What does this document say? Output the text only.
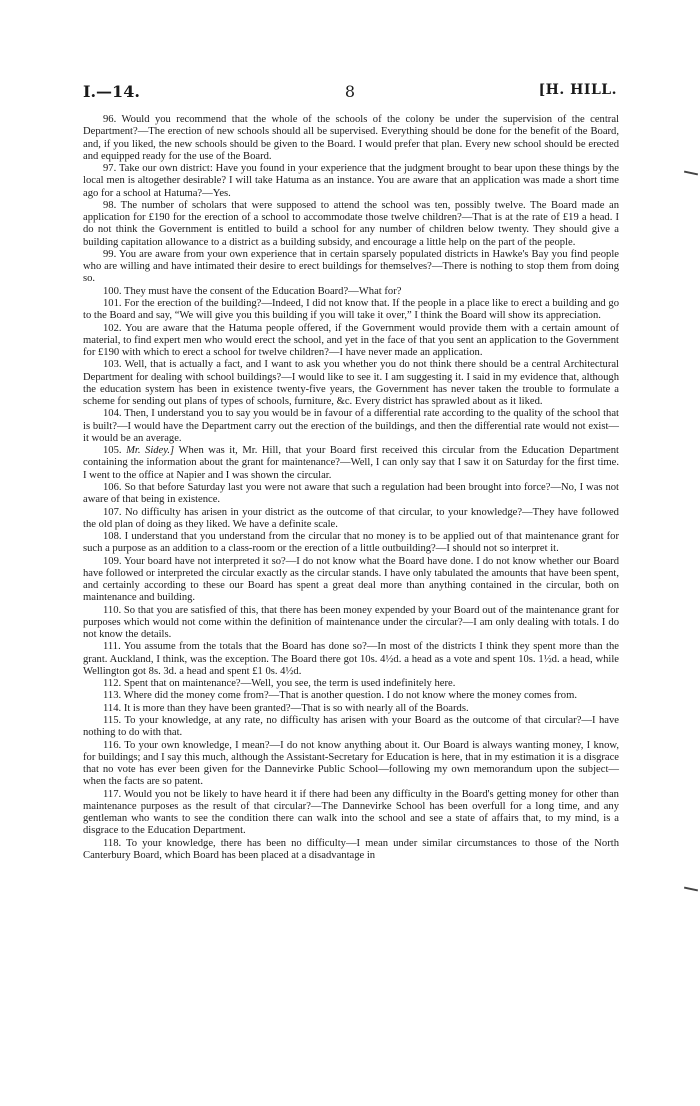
I.—14.	8	[H. HILL.

96. Would you recommend that the whole of the schools of the colony be under the supervision of the central Department?—The erection of new schools should all be supervised. Everything should be done for the benefit of the Board, and, if you liked, the new schools should be given to the Board. I would prefer that plan. Every new school should be erected and equipped ready for the use of the Board.

97. Take our own district: Have you found in your experience that the judgment brought to bear upon these things by the local men is altogether desirable? I will take Hatuma as an instance. You are aware that an application was made a short time ago for a school at Hatuma?—Yes.

98. The number of scholars that were supposed to attend the school was ten, possibly twelve. The Board made an application for £190 for the erection of a school to accommodate those twelve children?—That is at the rate of £19 a head. I do not think the Government is entitled to build a school for any number of children below twenty. They should give a building capitation allowance to a district as a building subsidy, and encourage a little help on the part of the people.

99. You are aware from your own experience that in certain sparsely populated districts in Hawke's Bay you find people who are willing and have intimated their desire to erect buildings for themselves?—There is nothing to stop them from doing so.

100. They must have the consent of the Education Board?—What for?

101. For the erection of the building?—Indeed, I did not know that. If the people in a place like to erect a building and go to the Board and say, “We will give you this building if you will take it over,” I think the Board will show its appreciation.

102. You are aware that the Hatuma people offered, if the Government would provide them with a certain amount of material, to find expert men who would erect the school, and yet in the face of that you sent an application to the Government for £190 with which to erect a school for twelve children?—I have never made an application.

103. Well, that is actually a fact, and I want to ask you whether you do not think there should be a central Architectural Department for dealing with school buildings?—I would like to see it. I am suggesting it. I said in my evidence that, although the education system has been in existence twenty-five years, the Government has never taken the trouble to formulate a scheme for sending out plans of types of schools, furniture, &c. Every district has sprawled about as it liked.

104. Then, I understand you to say you would be in favour of a differential rate according to the quality of the school that is built?—I would have the Department carry out the erection of the buildings, and then the differential rate would not exist—it would be an average.

105. Mr. Sidey.] When was it, Mr. Hill, that your Board first received this circular from the Education Department containing the information about the grant for maintenance?—Well, I can only say that I saw it on Saturday for the first time. I went to the office at Napier and I was shown the circular.

106. So that before Saturday last you were not aware that such a regulation had been brought into force?—No, I was not aware of that being in existence.

107. No difficulty has arisen in your district as the outcome of that circular, to your knowledge?—They have followed the old plan of doing as they liked. We have a definite scale.

108. I understand that you understand from the circular that no money is to be applied out of that maintenance grant for such a purpose as an addition to a class-room or the erection of a little outbuilding?—I should not so interpret it.

109. Your board have not interpreted it so?—I do not know what the Board have done. I do not know whether our Board have followed or interpreted the circular exactly as the circular stands. I have only tabulated the amounts that have been spent, and certainly according to these our Board has spent a great deal more than anything contained in the circular, both on maintenance and building.

110. So that you are satisfied of this, that there has been money expended by your Board out of the maintenance grant for purposes which would not come within the definition of maintenance under the circular?—I am only dealing with totals. I do not know the details.

111. You assume from the totals that the Board has done so?—In most of the districts I think they spent more than the grant. Auckland, I think, was the exception. The Board there got 10s. 4½d. a head as a vote and spent 10s. 1½d. a head, while Wellington got 8s. 3d. a head and spent £1 0s. 4½d.

112. Spent that on maintenance?—Well, you see, the term is used indefinitely here.

113. Where did the money come from?—That is another question. I do not know where the money comes from.

114. It is more than they have been granted?—That is so with nearly all of the Boards.

115. To your knowledge, at any rate, no difficulty has arisen with your Board as the outcome of that circular?—I have nothing to do with that.

116. To your own knowledge, I mean?—I do not know anything about it. Our Board is always wanting money, I know, for buildings; and I say this much, although the Assistant-Secretary for Education is here, that in my estimation it is a disgrace that no vote has ever been given for the Dannevirke Public School—following my own memorandum upon the subject—when the facts are so patent.

117. Would you not be likely to have heard it if there had been any difficulty in the Board's getting money for other than maintenance purposes as the result of that circular?—The Dannevirke School has been overfull for a long time, and any gentleman who wants to see the condition there can walk into the school and see a state of affairs that, to my mind, is a disgrace to the Education Department.

118. To your knowledge, there has been no difficulty—I mean under similar circumstances to those of the North Canterbury Board, which Board has been placed at a disadvantage in
